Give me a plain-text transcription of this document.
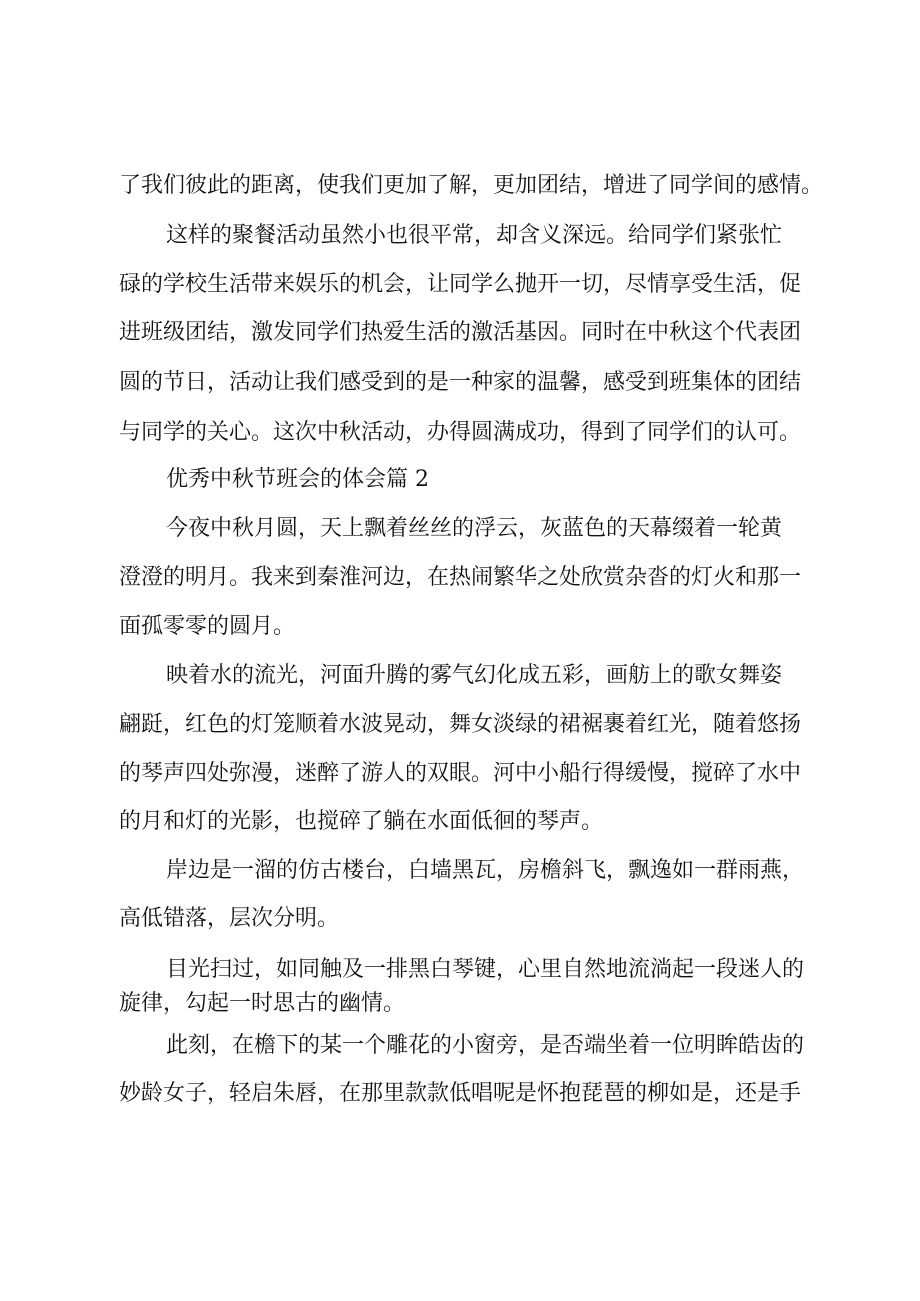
了我们彼此的距离，使我们更加了解，更加团结，增进了同学间的感情。

这样的聚餐活动虽然小也很平常，却含义深远。给同学们紧张忙

碌的学校生活带来娱乐的机会，让同学么抛开一切，尽情享受生活，促

进班级团结，激发同学们热爱生活的激活基因。同时在中秋这个代表团

圆的节日，活动让我们感受到的是一种家的温馨，感受到班集体的团结

与同学的关心。这次中秋活动，办得圆满成功，得到了同学们的认可。

优秀中秋节班会的体会篇 2

今夜中秋月圆，天上飘着丝丝的浮云，灰蓝色的天幕缀着一轮黄

澄澄的明月。我来到秦淮河边，在热闹繁华之处欣赏杂沓的灯火和那一

面孤零零的圆月。

映着水的流光，河面升腾的雾气幻化成五彩，画舫上的歌女舞姿

翩跹，红色的灯笼顺着水波晃动，舞女淡绿的裙裾裹着红光，随着悠扬

的琴声四处弥漫，迷醉了游人的双眼。河中小船行得缓慢，搅碎了水中

的月和灯的光影，也搅碎了躺在水面低徊的琴声。

岸边是一溜的仿古楼台，白墙黑瓦，房檐斜飞，飘逸如一群雨燕，

高低错落，层次分明。

目光扫过，如同触及一排黑白琴键，心里自然地流淌起一段迷人的

旋律，勾起一时思古的幽情。

此刻，在檐下的某一个雕花的小窗旁，是否端坐着一位明眸皓齿的

妙龄女子，轻启朱唇，在那里款款低唱呢是怀抱琵琶的柳如是，还是手
